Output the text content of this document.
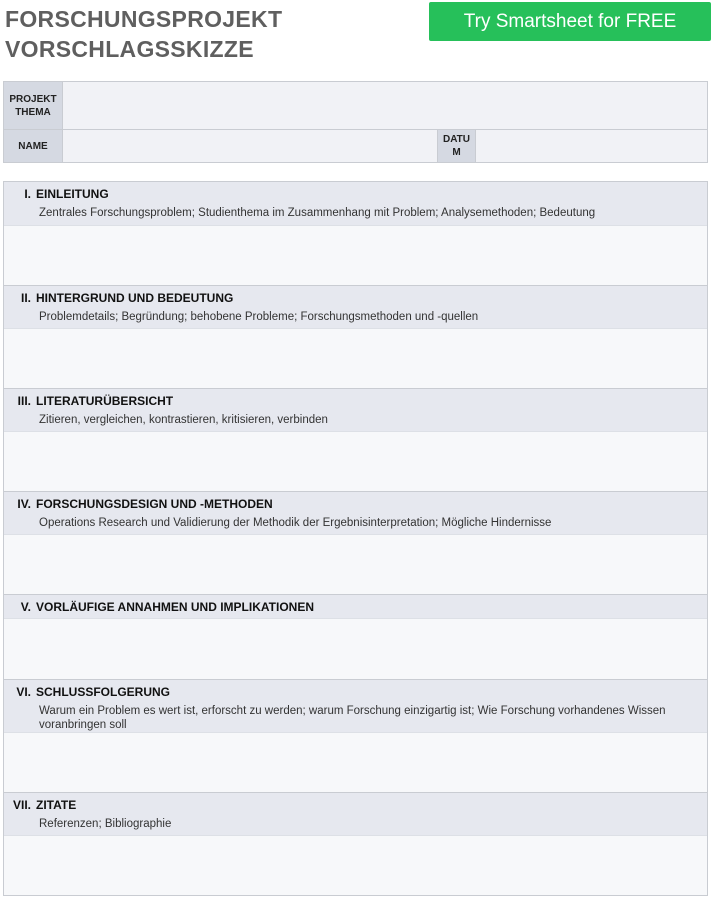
FORSCHUNGSPROJEKT
VORSCHLAGSSKIZZE
Try Smartsheet for FREE
PROJEKT
THEMA
NAME
DATU
M
I. EINLEITUNG
Zentrales Forschungsproblem; Studienthema im Zusammenhang mit Problem; Analysemethoden; Bedeutung
II. HINTERGRUND UND BEDEUTUNG
Problemdetails; Begründung; behobene Probleme; Forschungsmethoden und -quellen
III. LITERATURÜBERSICHT
Zitieren, vergleichen, kontrastieren, kritisieren, verbinden
IV. FORSCHUNGSDESIGN UND -METHODEN
Operations Research und Validierung der Methodik der Ergebnisinterpretation; Mögliche Hindernisse
V. VORLÄUFIGE ANNAHMEN UND IMPLIKATIONEN
VI. SCHLUSSFOLGERUNG
Warum ein Problem es wert ist, erforscht zu werden; warum Forschung einzigartig ist; Wie Forschung vorhandenes Wissen voranbringen soll
VII. ZITATE
Referenzen; Bibliographie
